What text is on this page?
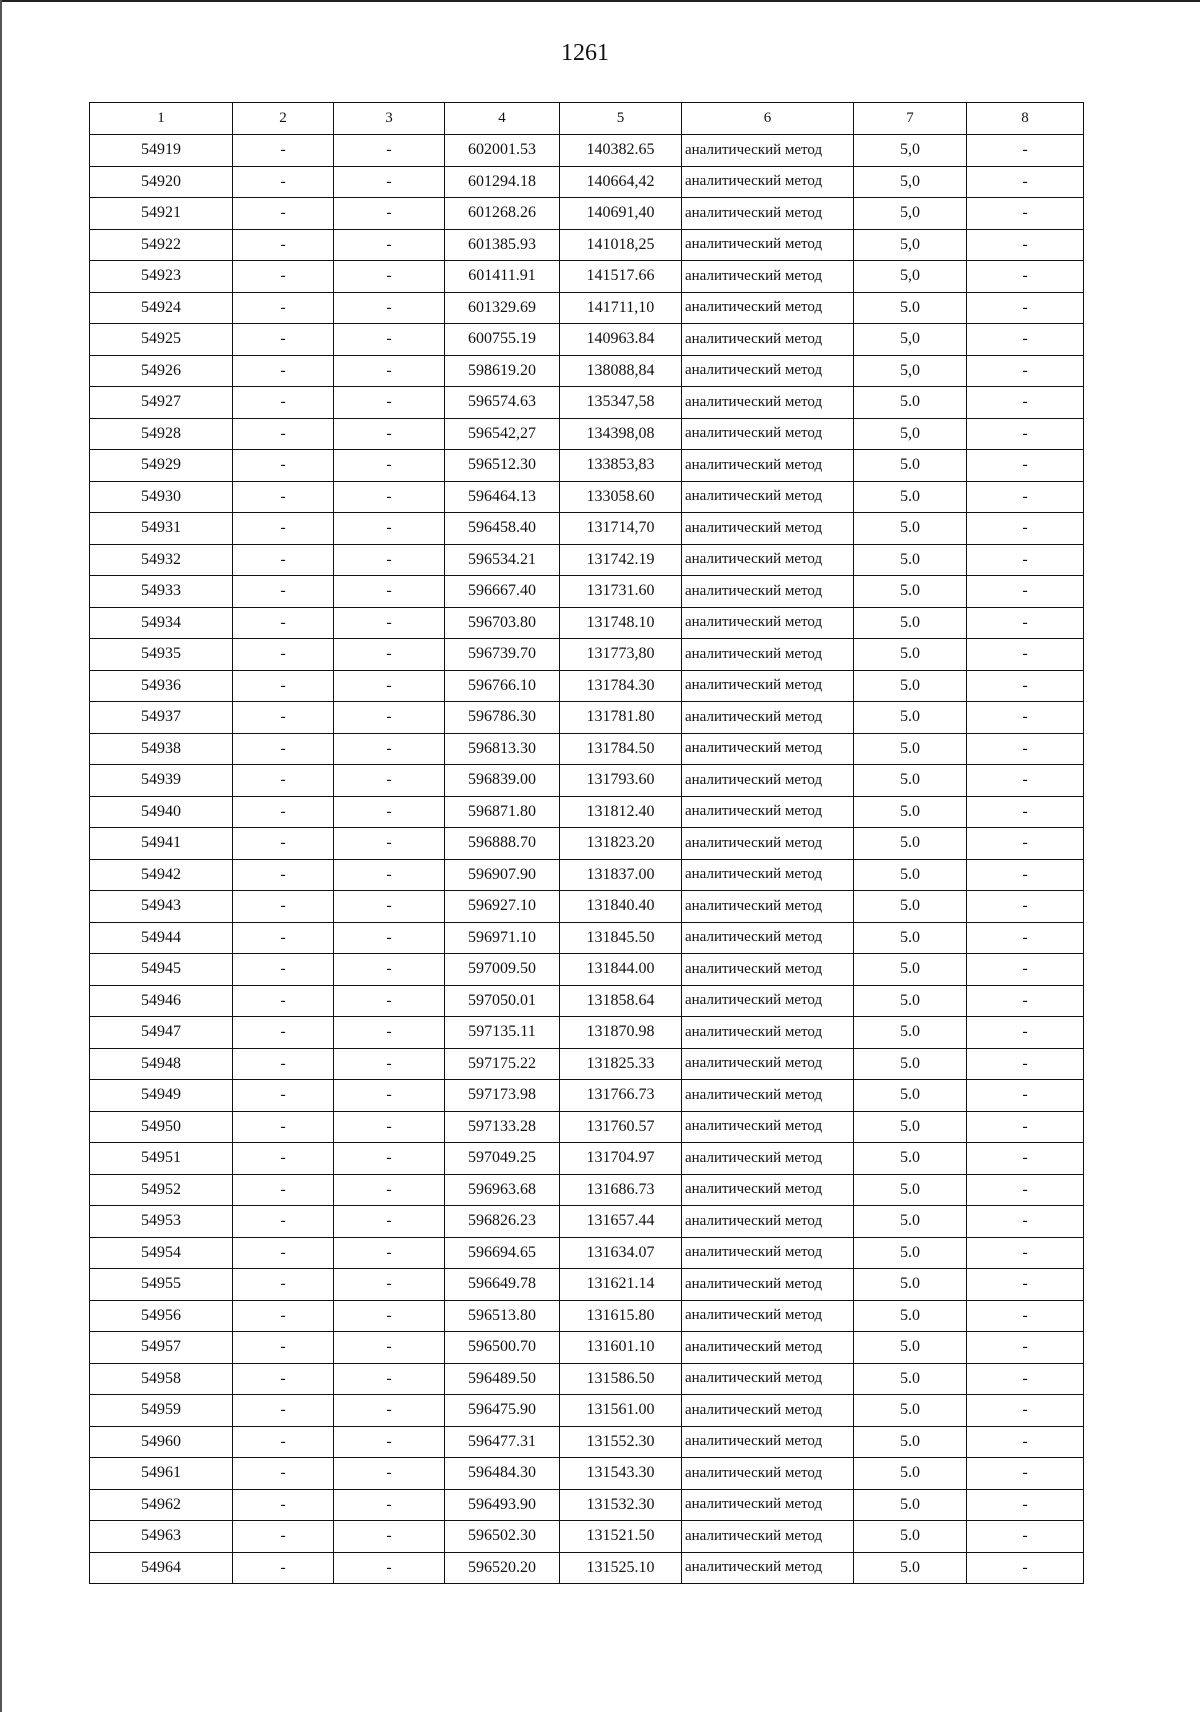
1261
1	2	3	4	5	6	7	8
54919	-	-	602001.53	140382.65	аналитический метод	5,0	-
54920	-	-	601294.18	140664,42	аналитический метод	5,0	-
54921	-	-	601268.26	140691,40	аналитический метод	5,0	-
54922	-	-	601385.93	141018,25	аналитический метод	5,0	-
54923	-	-	601411.91	141517.66	аналитический метод	5,0	-
54924	-	-	601329.69	141711,10	аналитический метод	5.0	-
54925	-	-	600755.19	140963.84	аналитический метод	5,0	-
54926	-	-	598619.20	138088,84	аналитический метод	5,0	-
54927	-	-	596574.63	135347,58	аналитический метод	5.0	-
54928	-	-	596542,27	134398,08	аналитический метод	5,0	-
54929	-	-	596512.30	133853,83	аналитический метод	5.0	-
54930	-	-	596464.13	133058.60	аналитический метод	5.0	-
54931	-	-	596458.40	131714,70	аналитический метод	5.0	-
54932	-	-	596534.21	131742.19	аналитический метод	5.0	-
54933	-	-	596667.40	131731.60	аналитический метод	5.0	-
54934	-	-	596703.80	131748.10	аналитический метод	5.0	-
54935	-	-	596739.70	131773,80	аналитический метод	5.0	-
54936	-	-	596766.10	131784.30	аналитический метод	5.0	-
54937	-	-	596786.30	131781.80	аналитический метод	5.0	-
54938	-	-	596813.30	131784.50	аналитический метод	5.0	-
54939	-	-	596839.00	131793.60	аналитический метод	5.0	-
54940	-	-	596871.80	131812.40	аналитический метод	5.0	-
54941	-	-	596888.70	131823.20	аналитический метод	5.0	-
54942	-	-	596907.90	131837.00	аналитический метод	5.0	-
54943	-	-	596927.10	131840.40	аналитический метод	5.0	-
54944	-	-	596971.10	131845.50	аналитический метод	5.0	-
54945	-	-	597009.50	131844.00	аналитический метод	5.0	-
54946	-	-	597050.01	131858.64	аналитический метод	5.0	-
54947	-	-	597135.11	131870.98	аналитический метод	5.0	-
54948	-	-	597175.22	131825.33	аналитический метод	5.0	-
54949	-	-	597173.98	131766.73	аналитический метод	5.0	-
54950	-	-	597133.28	131760.57	аналитический метод	5.0	-
54951	-	-	597049.25	131704.97	аналитический метод	5.0	-
54952	-	-	596963.68	131686.73	аналитический метод	5.0	-
54953	-	-	596826.23	131657.44	аналитический метод	5.0	-
54954	-	-	596694.65	131634.07	аналитический метод	5.0	-
54955	-	-	596649.78	131621.14	аналитический метод	5.0	-
54956	-	-	596513.80	131615.80	аналитический метод	5.0	-
54957	-	-	596500.70	131601.10	аналитический метод	5.0	-
54958	-	-	596489.50	131586.50	аналитический метод	5.0	-
54959	-	-	596475.90	131561.00	аналитический метод	5.0	-
54960	-	-	596477.31	131552.30	аналитический метод	5.0	-
54961	-	-	596484.30	131543.30	аналитический метод	5.0	-
54962	-	-	596493.90	131532.30	аналитический метод	5.0	-
54963	-	-	596502.30	131521.50	аналитический метод	5.0	-
54964	-	-	596520.20	131525.10	аналитический метод	5.0	-
